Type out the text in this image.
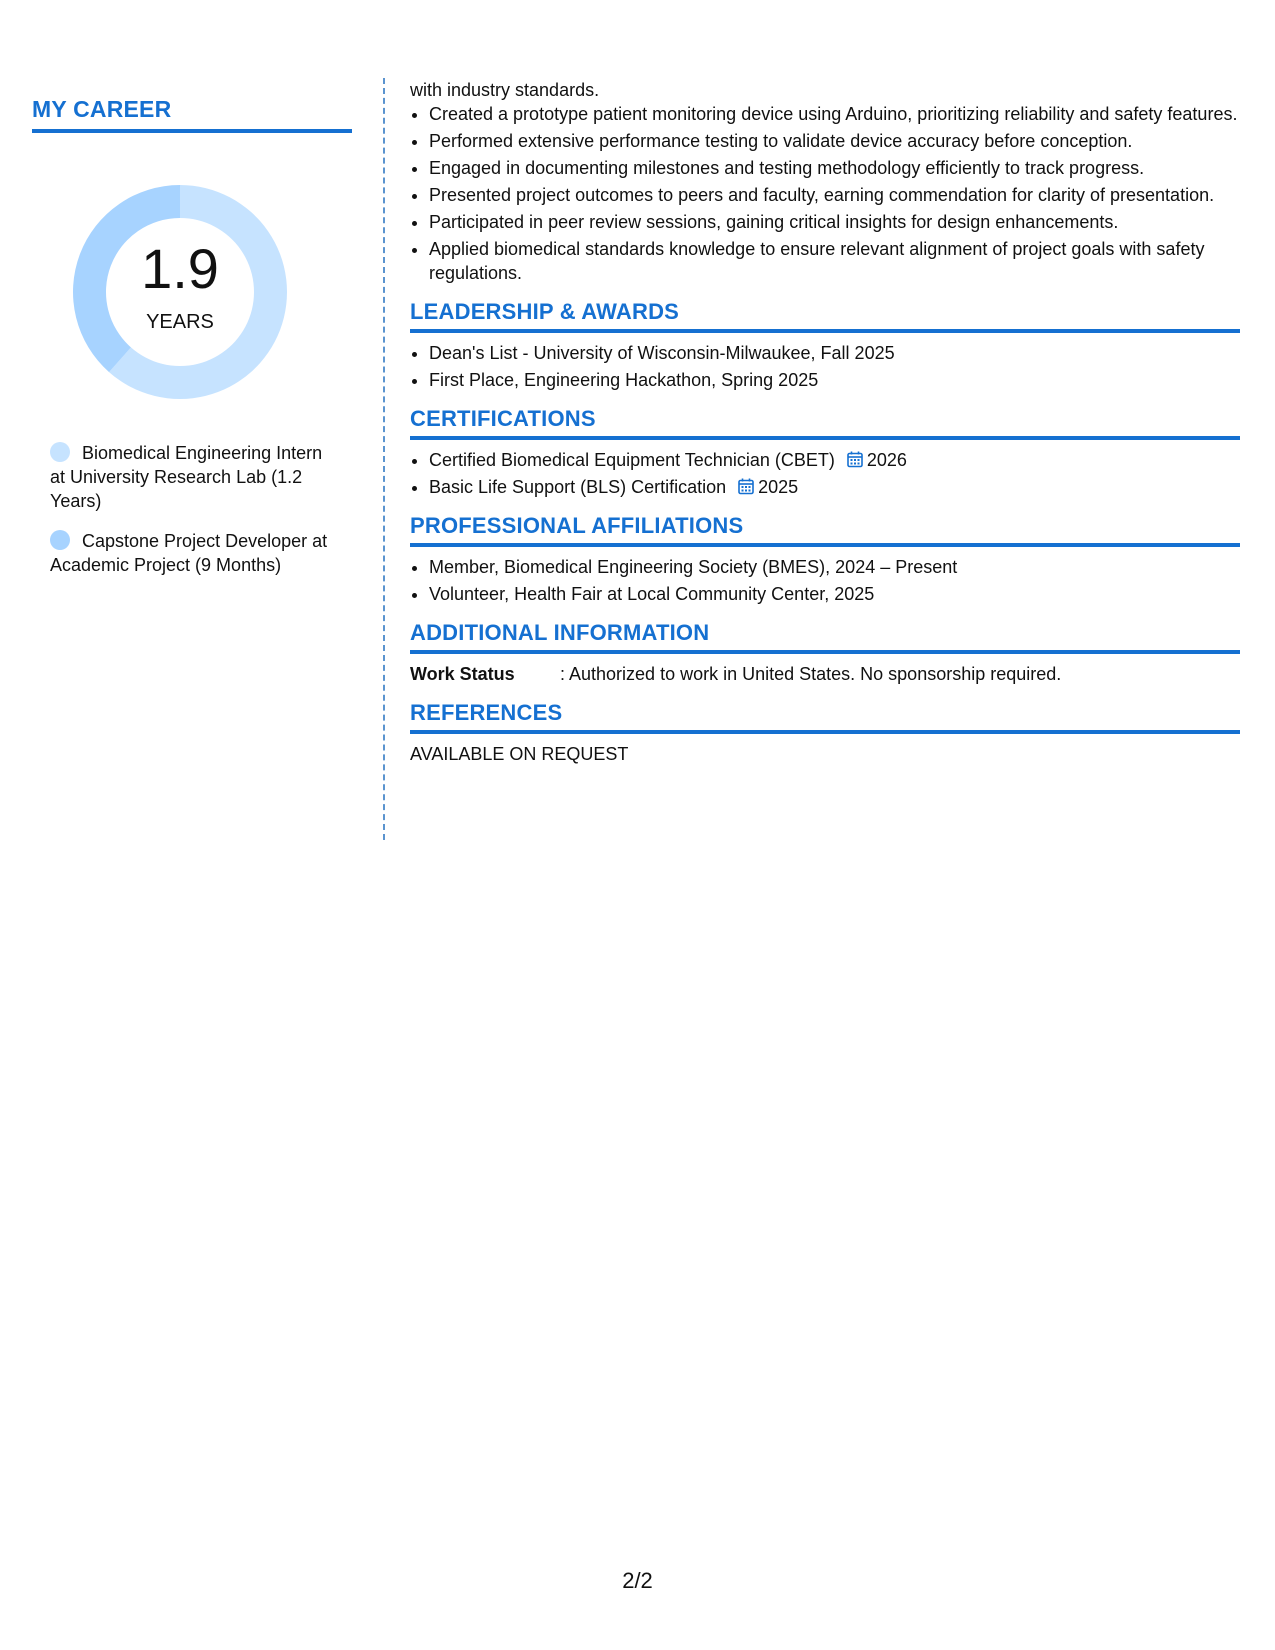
MY CAREER
1.9
YEARS
Biomedical Engineering Intern at University Research Lab (1.2 Years)
Capstone Project Developer at Academic Project (9 Months)

with industry standards.

• Created a prototype patient monitoring device using Arduino, prioritizing reliability and safety features.
• Performed extensive performance testing to validate device accuracy before conception.
• Engaged in documenting milestones and testing methodology efficiently to track progress.
• Presented project outcomes to peers and faculty, earning commendation for clarity of presentation.
• Participated in peer review sessions, gaining critical insights for design enhancements.
• Applied biomedical standards knowledge to ensure relevant alignment of project goals with safety regulations.
LEADERSHIP & AWARDS
• Dean's List - University of Wisconsin-Milwaukee, Fall 2025
• First Place, Engineering Hackathon, Spring 2025
CERTIFICATIONS
• Certified Biomedical Equipment Technician (CBET) 2026
• Basic Life Support (BLS) Certification 2025
PROFESSIONAL AFFILIATIONS
• Member, Biomedical Engineering Society (BMES), 2024 – Present
• Volunteer, Health Fair at Local Community Center, 2025
ADDITIONAL INFORMATION
Work Status	: Authorized to work in United States. No sponsorship required.
REFERENCES

AVAILABLE ON REQUEST

2/2
